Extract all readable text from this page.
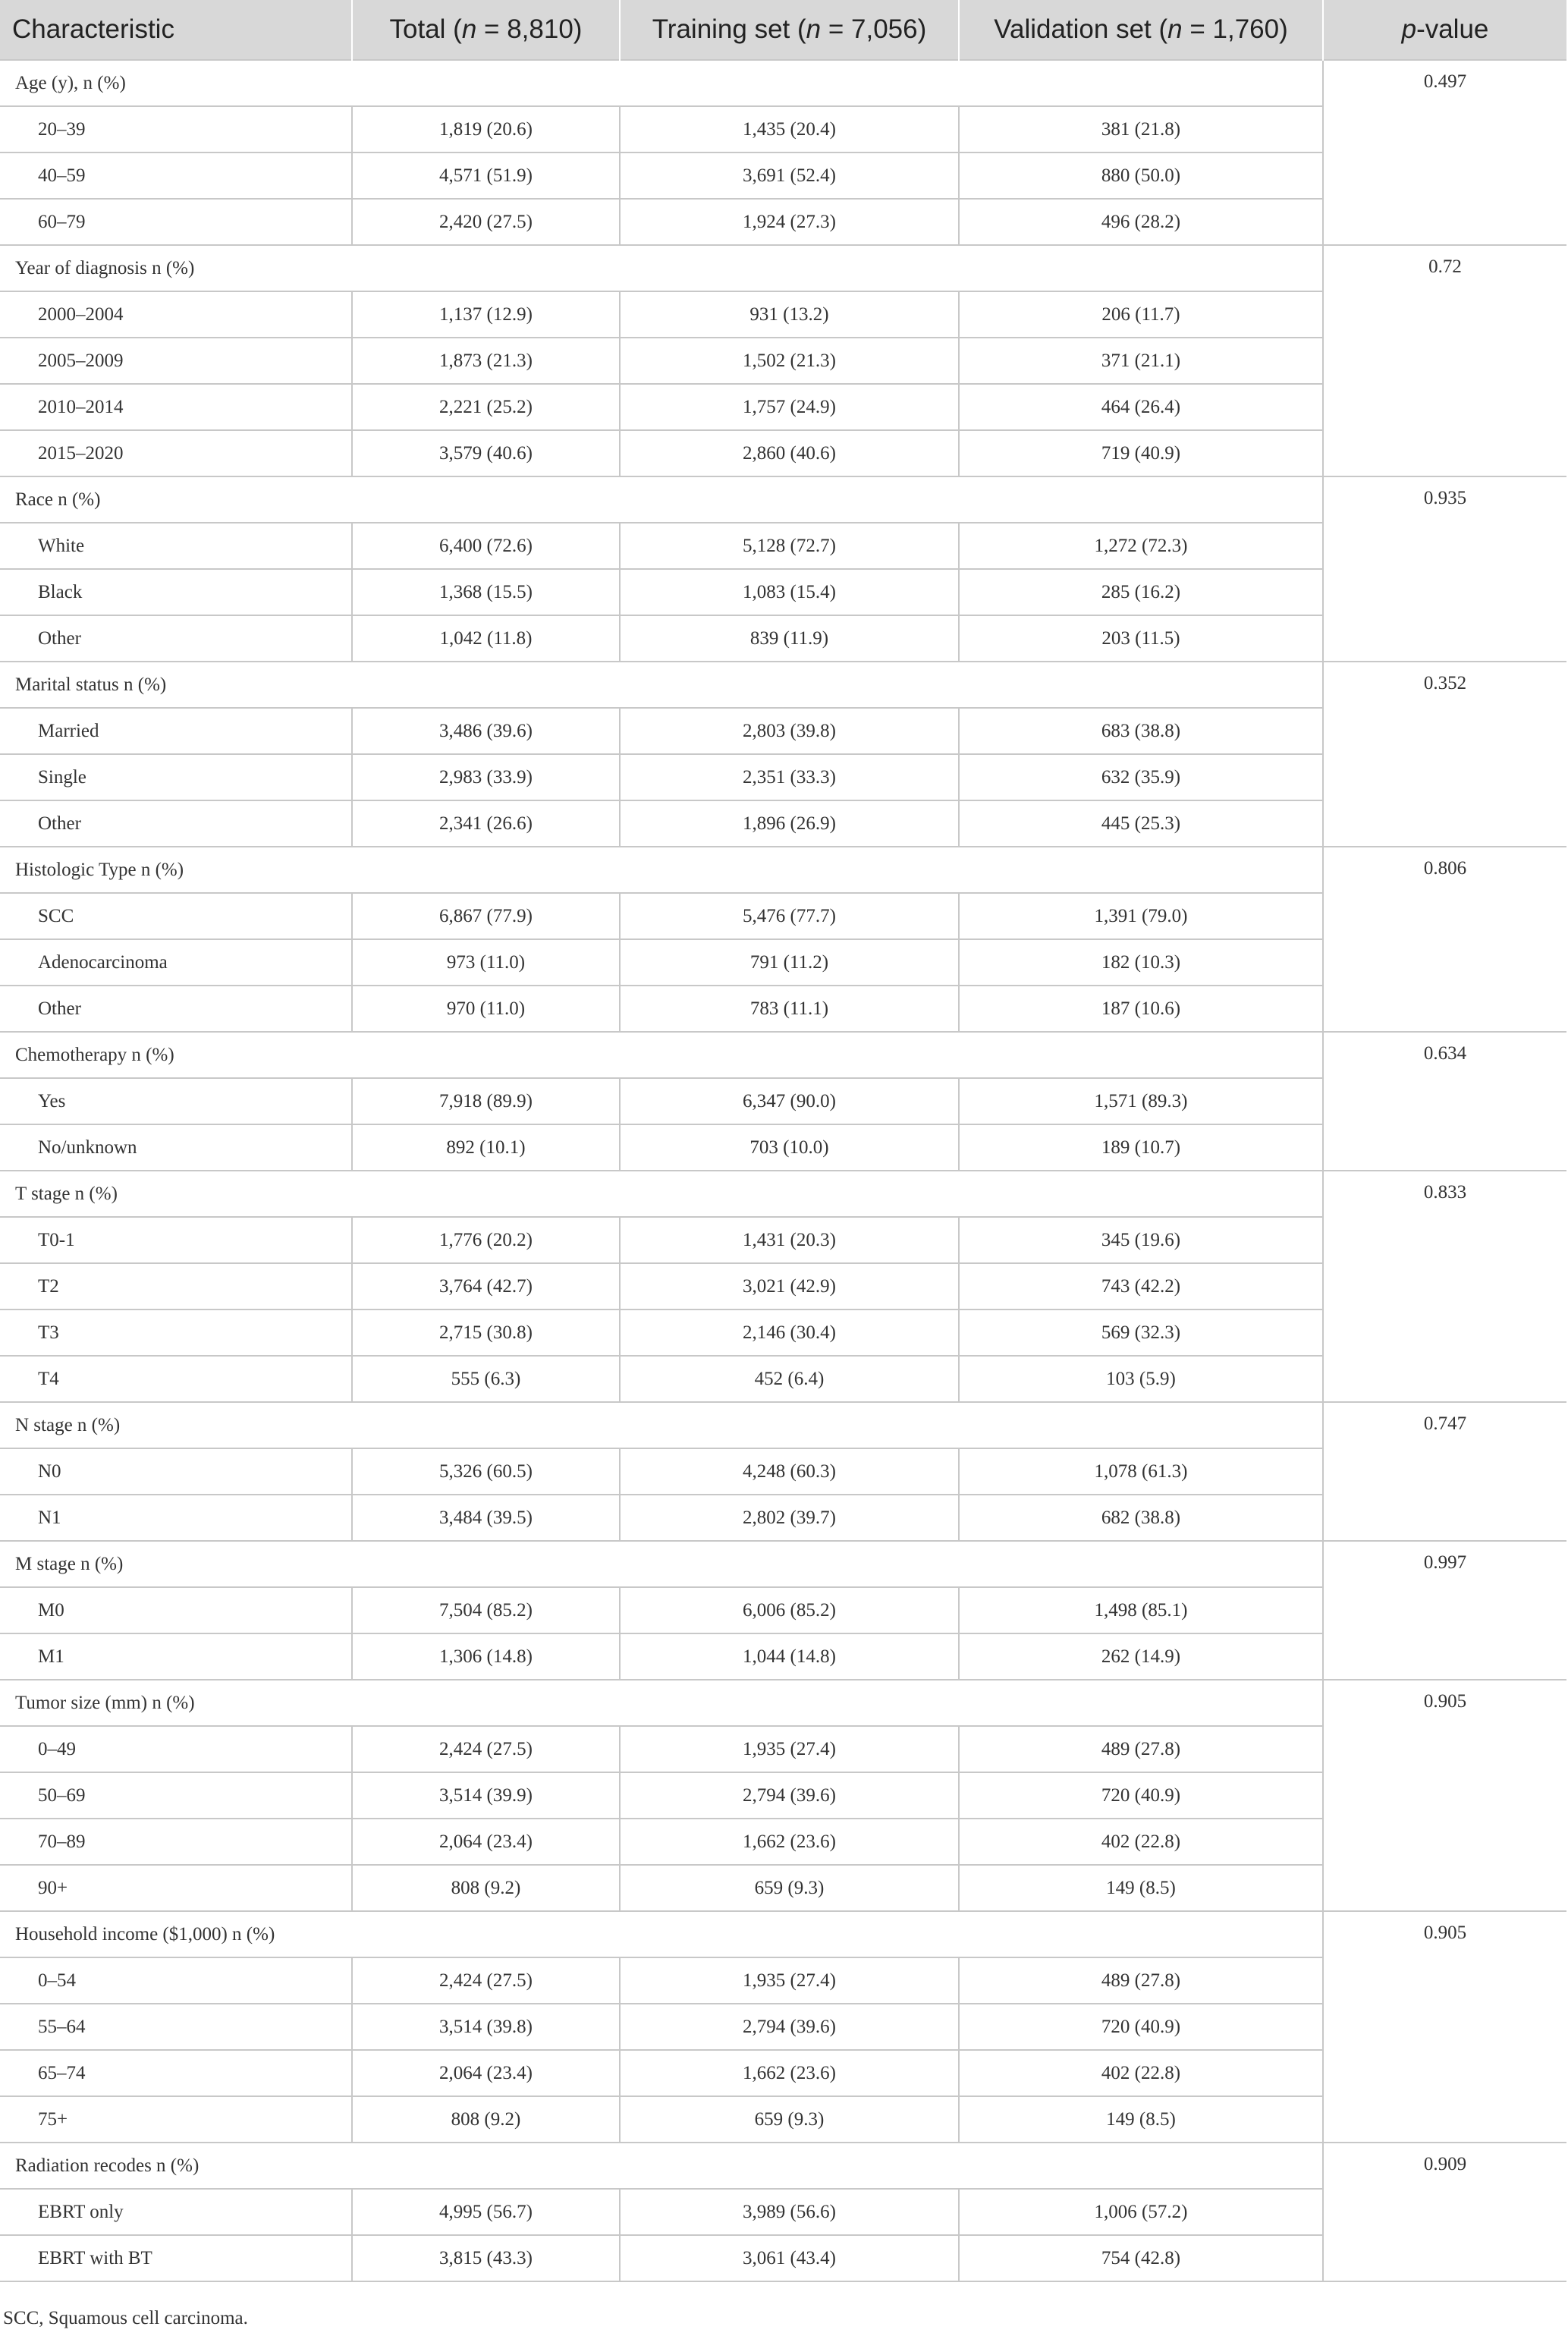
Characteristic	Total (n = 8,810)	Training set (n = 7,056)	Validation set (n = 1,760)	p-value
Age (y), n (%)				0.497
20–39	1,819 (20.6)	1,435 (20.4)	381 (21.8)	
40–59	4,571 (51.9)	3,691 (52.4)	880 (50.0)	
60–79	2,420 (27.5)	1,924 (27.3)	496 (28.2)	
Year of diagnosis n (%)				0.72
2000–2004	1,137 (12.9)	931 (13.2)	206 (11.7)	
2005–2009	1,873 (21.3)	1,502 (21.3)	371 (21.1)	
2010–2014	2,221 (25.2)	1,757 (24.9)	464 (26.4)	
2015–2020	3,579 (40.6)	2,860 (40.6)	719 (40.9)	
Race n (%)				0.935
White	6,400 (72.6)	5,128 (72.7)	1,272 (72.3)	
Black	1,368 (15.5)	1,083 (15.4)	285 (16.2)	
Other	1,042 (11.8)	839 (11.9)	203 (11.5)	
Marital status n (%)				0.352
Married	3,486 (39.6)	2,803 (39.8)	683 (38.8)	
Single	2,983 (33.9)	2,351 (33.3)	632 (35.9)	
Other	2,341 (26.6)	1,896 (26.9)	445 (25.3)	
Histologic Type n (%)				0.806
SCC	6,867 (77.9)	5,476 (77.7)	1,391 (79.0)	
Adenocarcinoma	973 (11.0)	791 (11.2)	182 (10.3)	
Other	970 (11.0)	783 (11.1)	187 (10.6)	
Chemotherapy n (%)				0.634
Yes	7,918 (89.9)	6,347 (90.0)	1,571 (89.3)	
No/unknown	892 (10.1)	703 (10.0)	189 (10.7)	
T stage n (%)				0.833
T0-1	1,776 (20.2)	1,431 (20.3)	345 (19.6)	
T2	3,764 (42.7)	3,021 (42.9)	743 (42.2)	
T3	2,715 (30.8)	2,146 (30.4)	569 (32.3)	
T4	555 (6.3)	452 (6.4)	103 (5.9)	
N stage n (%)				0.747
N0	5,326 (60.5)	4,248 (60.3)	1,078 (61.3)	
N1	3,484 (39.5)	2,802 (39.7)	682 (38.8)	
M stage n (%)				0.997
M0	7,504 (85.2)	6,006 (85.2)	1,498 (85.1)	
M1	1,306 (14.8)	1,044 (14.8)	262 (14.9)	
Tumor size (mm) n (%)				0.905
0–49	2,424 (27.5)	1,935 (27.4)	489 (27.8)	
50–69	3,514 (39.9)	2,794 (39.6)	720 (40.9)	
70–89	2,064 (23.4)	1,662 (23.6)	402 (22.8)	
90+	808 (9.2)	659 (9.3)	149 (8.5)	
Household income ($1,000) n (%)				0.905
0–54	2,424 (27.5)	1,935 (27.4)	489 (27.8)	
55–64	3,514 (39.8)	2,794 (39.6)	720 (40.9)	
65–74	2,064 (23.4)	1,662 (23.6)	402 (22.8)	
75+	808 (9.2)	659 (9.3)	149 (8.5)	
Radiation recodes n (%)				0.909
EBRT only	4,995 (56.7)	3,989 (56.6)	1,006 (57.2)	
EBRT with BT	3,815 (43.3)	3,061 (43.4)	754 (42.8)	
SCC, Squamous cell carcinoma.
